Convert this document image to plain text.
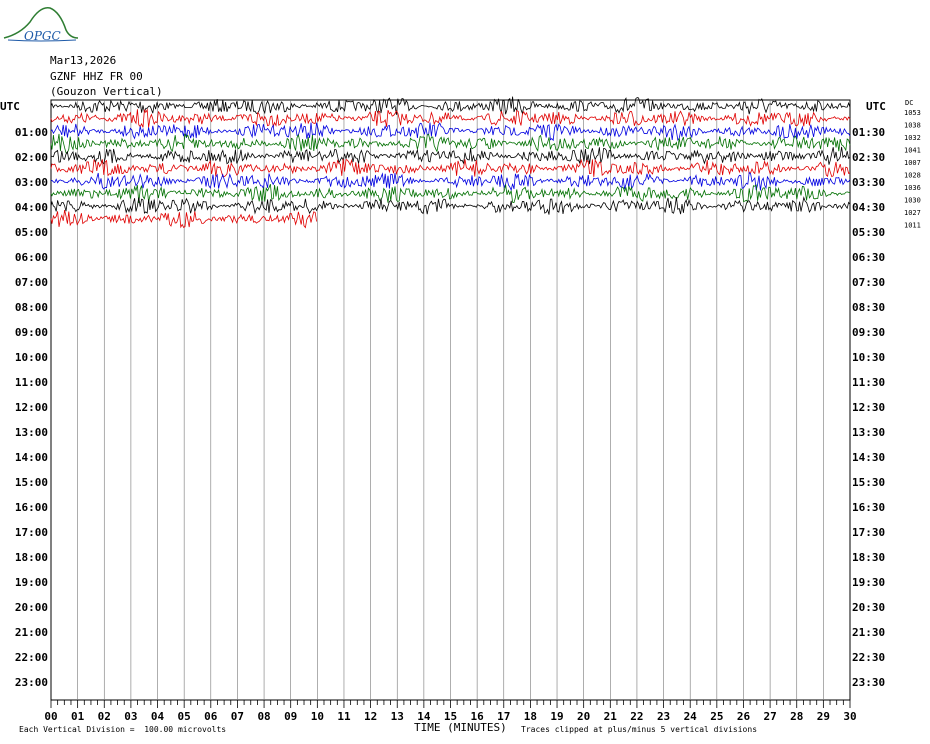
OPGC
Mar13,2026
GZNF HHZ FR 00
(Gouzon Vertical)
00 01 02 03 04 05 06 07 08 09 10 11 12 13 14 15 16 17 18 19 20 21 22 23 24 25 26 27 28 29 30
01:00
02:00
03:00
04:00
05:00
06:00
07:00
08:00
09:00
10:00
11:00
12:00
13:00
14:00
15:00
16:00
17:00
18:00
19:00
20:00
21:00
22:00
23:00
01:30
02:30
03:30
04:30
05:30
06:30
07:30
08:30
09:30
10:30
11:30
12:30
13:30
14:30
15:30
16:30
17:30
18:30
19:30
20:30
21:30
22:30
23:30
UTC	UTC	DC
1053
1038
1032
1041
1007
1028
1036
1030
1027
1011
TIME (MINUTES)
Each Vertical Division =  100.00 microvolts	Traces clipped at plus/minus 5 vertical divisions
